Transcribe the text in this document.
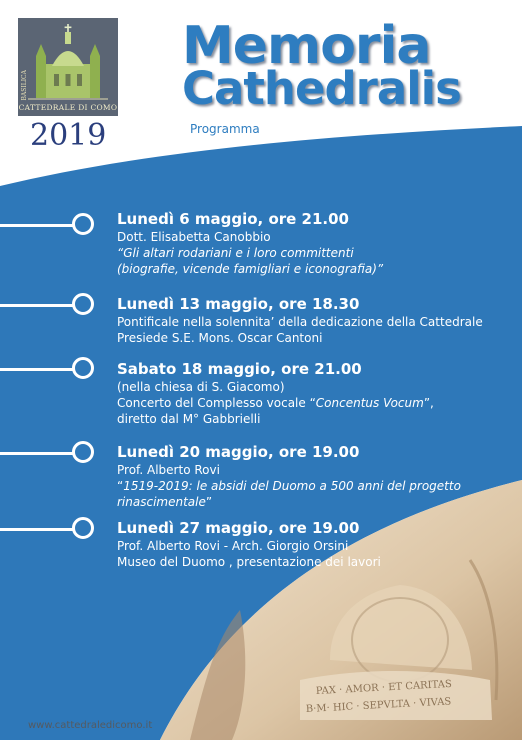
BASILICA
CATTEDRALE DI COMO
2019
Memoria
Cathedralis
Programma
PAX · AMOR · ET CARITAS
B·M· HIC · SEPVLTA · VIVAS
Lunedì 6 maggio, ore 21.00
Dott. Elisabetta Canobbio
“Gli altari rodariani e i loro committenti
(biografie, vicende famigliari e iconografia)”
Lunedì 13 maggio, ore 18.30
Pontificale nella solennita’ della dedicazione della Cattedrale
Presiede S.E. Mons. Oscar Cantoni
Sabato 18 maggio, ore 21.00
(nella chiesa di S. Giacomo)
Concerto del Complesso vocale “Concentus Vocum”,
diretto dal M° Gabbrielli
Lunedì 20 maggio, ore 19.00
Prof. Alberto Rovi
“1519-2019: le absidi del Duomo a 500 anni del progetto
rinascimentale”
Lunedì 27 maggio, ore 19.00
Prof. Alberto Rovi - Arch. Giorgio Orsini
Museo del Duomo , presentazione dei lavori
www.cattedraledicomo.it
